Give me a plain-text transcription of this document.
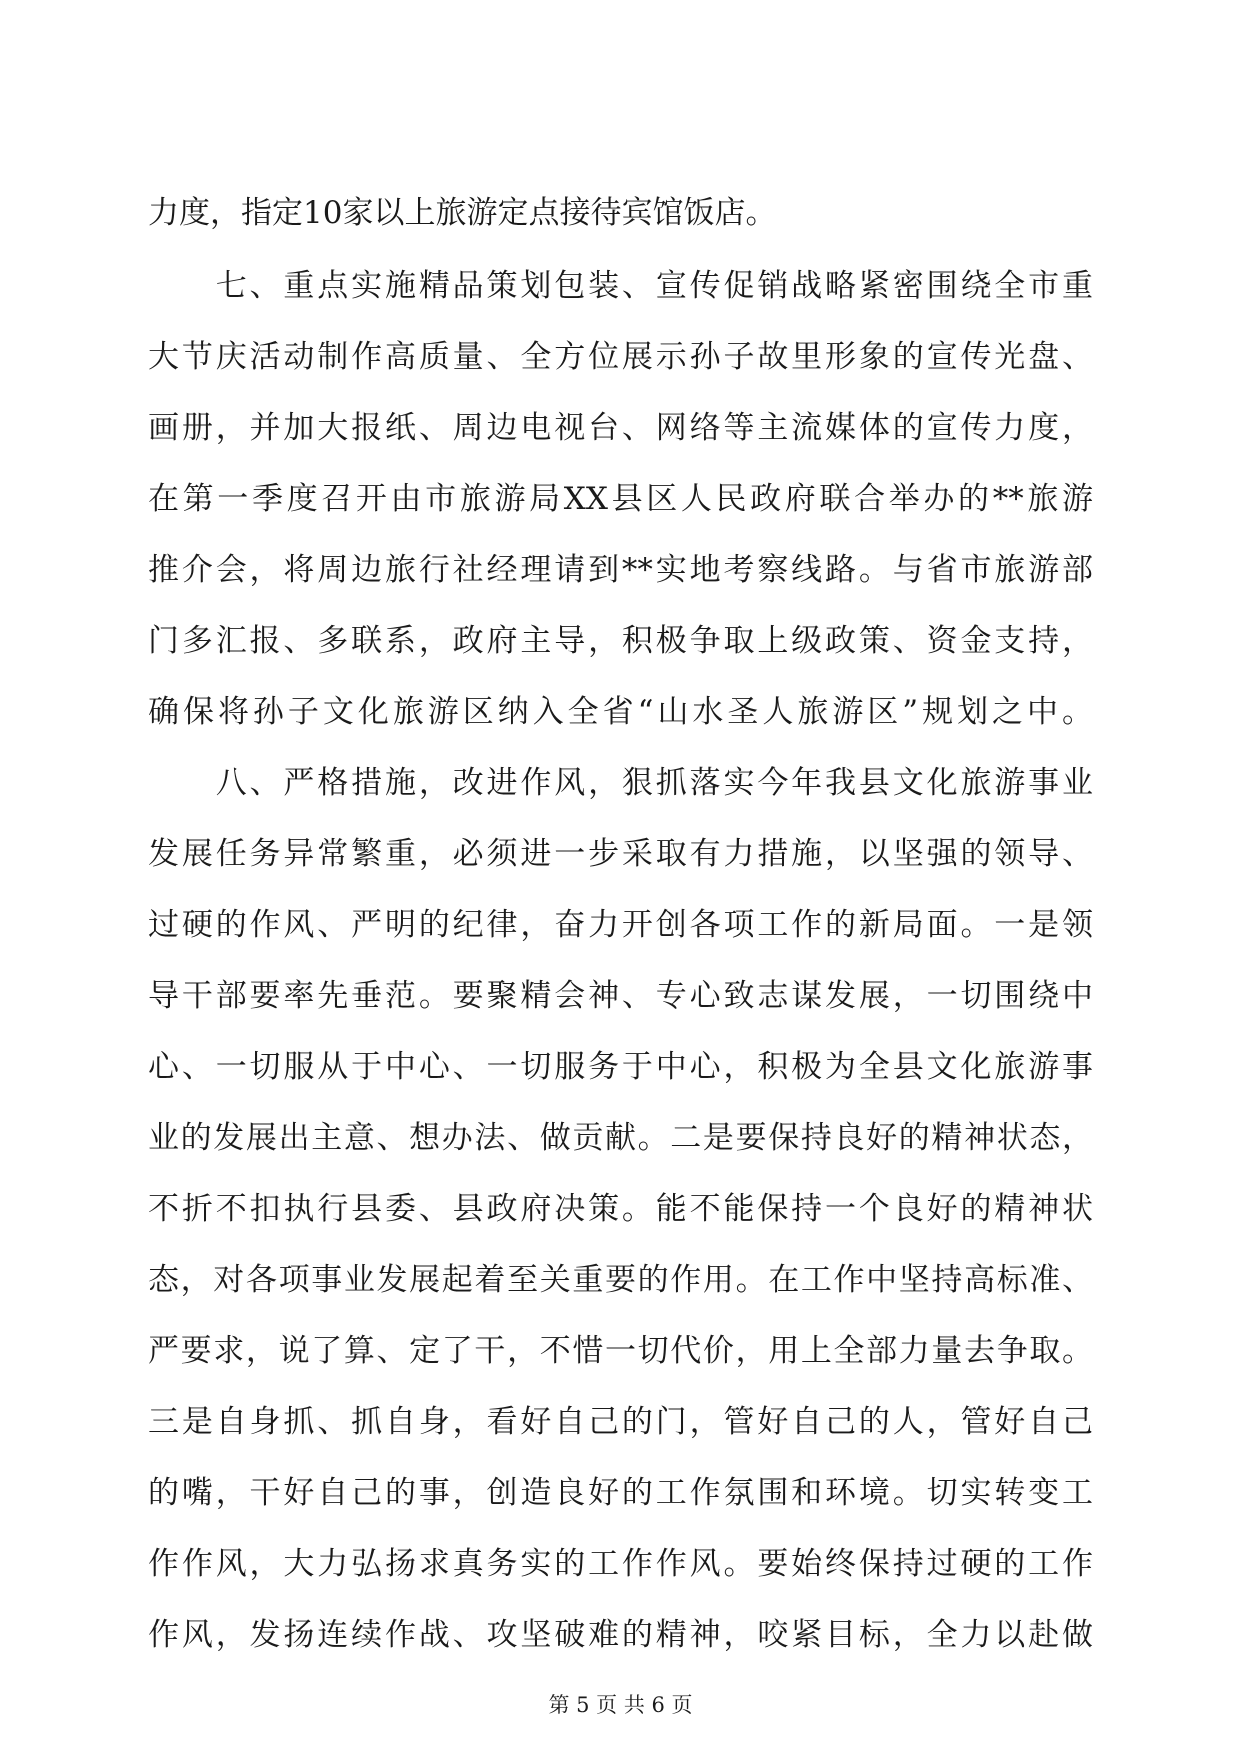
力度，指定10家以上旅游定点接待宾馆饭店。
　　七、重点实施精品策划包装、宣传促销战略紧密围绕全市重
大节庆活动制作高质量、全方位展示孙子故里形象的宣传光盘、
画册，并加大报纸、周边电视台、网络等主流媒体的宣传力度，
在第一季度召开由市旅游局XX县区人民政府联合举办的**旅游
推介会，将周边旅行社经理请到**实地考察线路。与省市旅游部
门多汇报、多联系，政府主导，积极争取上级政策、资金支持，
确保将孙子文化旅游区纳入全省“山水圣人旅游区”规划之中。
　　八、严格措施，改进作风，狠抓落实今年我县文化旅游事业
发展任务异常繁重，必须进一步采取有力措施，以坚强的领导、
过硬的作风、严明的纪律，奋力开创各项工作的新局面。一是领
导干部要率先垂范。要聚精会神、专心致志谋发展，一切围绕中
心、一切服从于中心、一切服务于中心，积极为全县文化旅游事
业的发展出主意、想办法、做贡献。二是要保持良好的精神状态，
不折不扣执行县委、县政府决策。能不能保持一个良好的精神状
态，对各项事业发展起着至关重要的作用。在工作中坚持高标准、
严要求，说了算、定了干，不惜一切代价，用上全部力量去争取。
三是自身抓、抓自身，看好自己的门，管好自己的人，管好自己
的嘴，干好自己的事，创造良好的工作氛围和环境。切实转变工
作作风，大力弘扬求真务实的工作作风。要始终保持过硬的工作
作风，发扬连续作战、攻坚破难的精神，咬紧目标，全力以赴做
第 5 页 共 6 页
